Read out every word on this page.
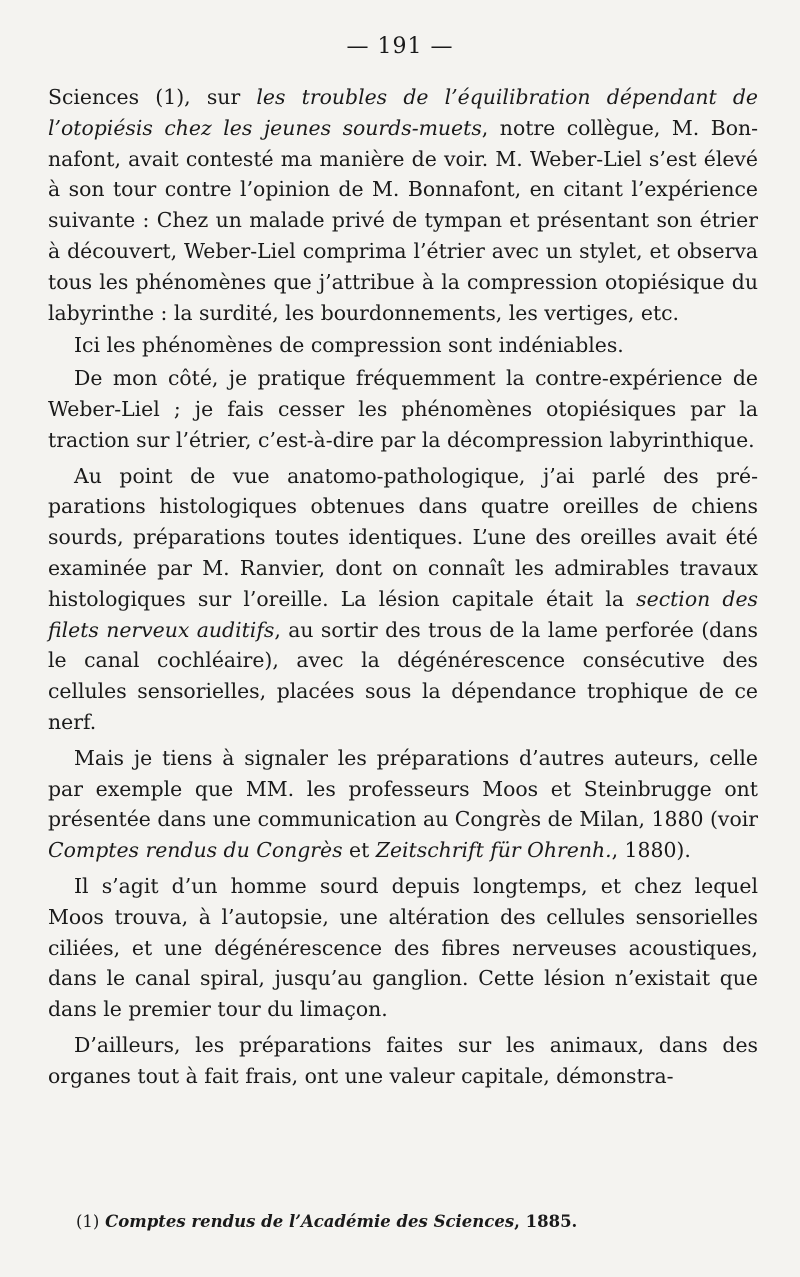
— 191 —

Sciences (1), sur les troubles de l’équilibration dépendant de l’otopiésis chez les jeunes sourds-muets, notre collègue, M. Bonnafont, avait contesté ma manière de voir. M. Weber-Liel s’est élevé à son tour contre l’opinion de M. Bonnafont, en citant l’expérience suivante : Chez un malade privé de tympan et présentant son étrier à découvert, Weber-Liel comprima l’étrier avec un stylet, et observa tous les phénomènes que j’attribue à la compression otopiésique du labyrinthe : la surdité, les bourdonnements, les vertiges, etc.

Ici les phénomènes de compression sont indéniables.

De mon côté, je pratique fréquemment la contre-expérience de Weber-Liel ; je fais cesser les phénomènes otopiésiques par la traction sur l’étrier, c’est-à-dire par la décompression labyrinthique.

Au point de vue anatomo-pathologique, j’ai parlé des préparations histologiques obtenues dans quatre oreilles de chiens sourds, préparations toutes identiques. L’une des oreilles avait été examinée par M. Ranvier, dont on connaît les admirables travaux histologiques sur l’oreille. La lésion capitale était la section des filets nerveux auditifs, au sortir des trous de la lame perforée (dans le canal cochléaire), avec la dégénérescence consécutive des cellules sensorielles, placées sous la dépendance trophique de ce nerf.

Mais je tiens à signaler les préparations d’autres auteurs, celle par exemple que MM. les professeurs Moos et Steinbrugge ont présentée dans une communication au Congrès de Milan, 1880 (voir Comptes rendus du Congrès et Zeitschrift für Ohrenh., 1880).

Il s’agit d’un homme sourd depuis longtemps, et chez lequel Moos trouva, à l’autopsie, une altération des cellules sensorielles ciliées, et une dégénérescence des fibres nerveuses acoustiques, dans le canal spiral, jusqu’au ganglion. Cette lésion n’existait que dans le premier tour du limaçon.

D’ailleurs, les préparations faites sur les animaux, dans des organes tout à fait frais, ont une valeur capitale, démonstra-

(1) Comptes rendus de l’Académie des Sciences, 1885.
